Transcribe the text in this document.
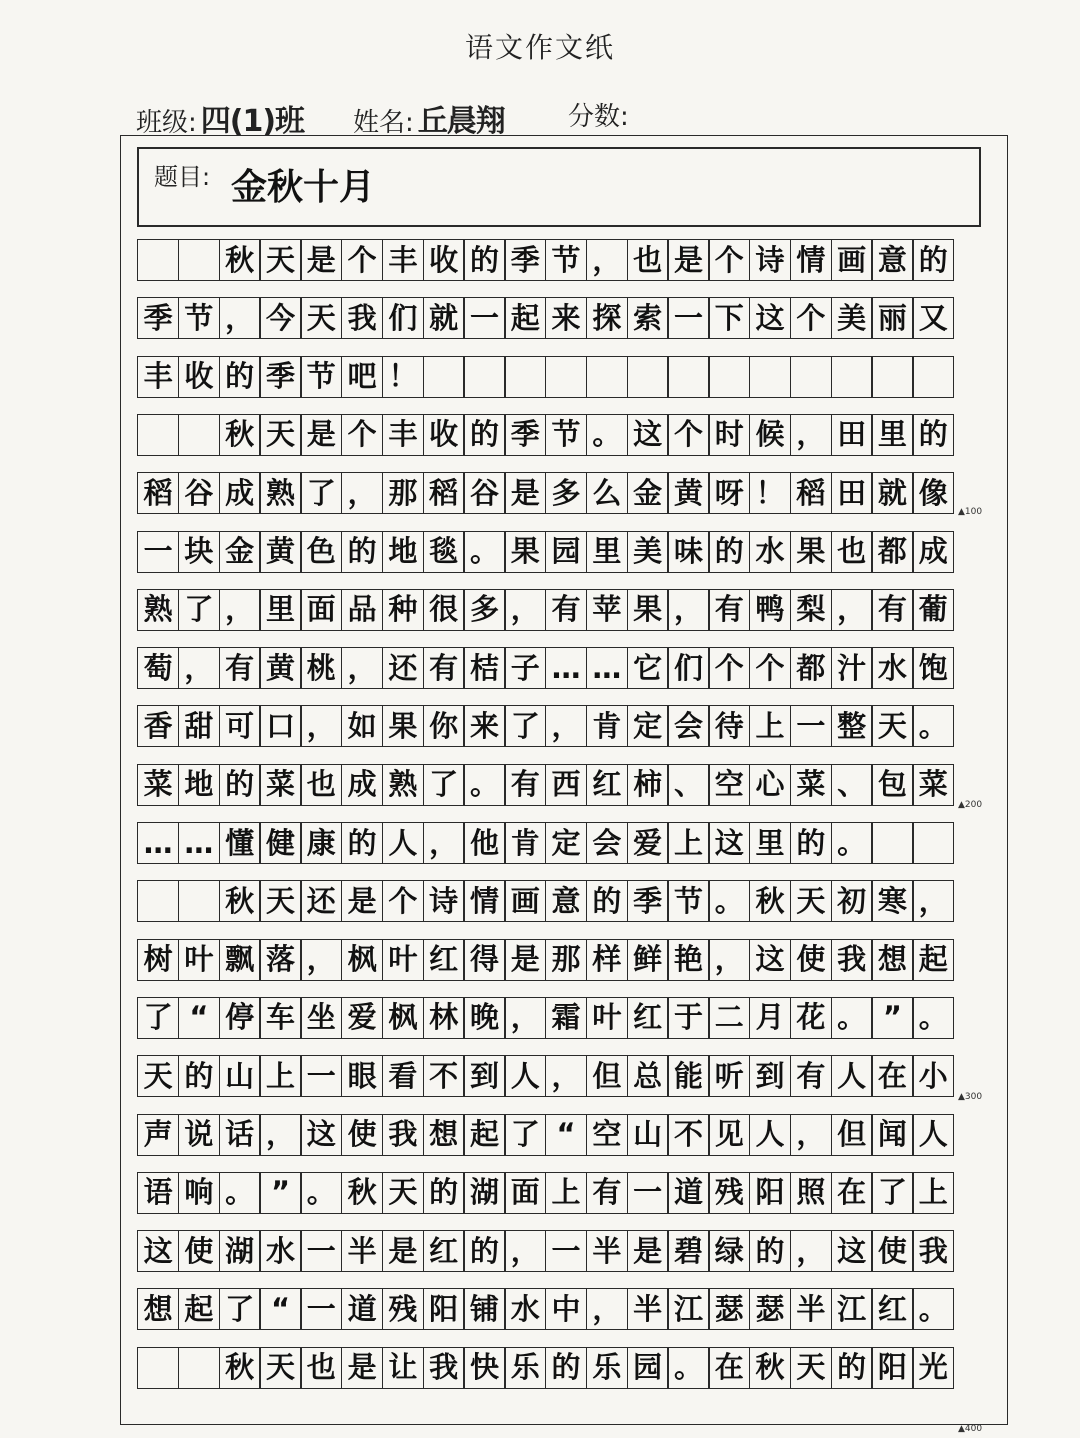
语文作文纸
班级: 四(1)班 姓名: 丘晨翔 分数:
题目: 金秋十月
秋 天 是 个 丰 收 的 季 节 ， 也 是 个 诗 情 画 意 的
季 节 ， 今 天 我 们 就 一 起 来 探 索 一 下 这 个 美 丽 又
丰 收 的 季 节 吧 ！
秋 天 是 个 丰 收 的 季 节 。 这 个 时 候 ， 田 里 的
稻 谷 成 熟 了 ， 那 稻 谷 是 多 么 金 黄 呀 ！ 稻 田 就 像
一 块 金 黄 色 的 地 毯 。 果 园 里 美 味 的 水 果 也 都 成
熟 了 ， 里 面 品 种 很 多 ， 有 苹 果 ， 有 鸭 梨 ， 有 葡
萄 ， 有 黄 桃 ， 还 有 桔 子 … … 它 们 个 个 都 汁 水 饱
香 甜 可 口 ， 如 果 你 来 了 ， 肯 定 会 待 上 一 整 天 。
菜 地 的 菜 也 成 熟 了 。 有 西 红 柿 、 空 心 菜 、 包 菜
… … 懂 健 康 的 人 ， 他 肯 定 会 爱 上 这 里 的 。
秋 天 还 是 个 诗 情 画 意 的 季 节 。 秋 天 初 寒 ，
树 叶 飘 落 ， 枫 叶 红 得 是 那 样 鲜 艳 ， 这 使 我 想 起
了 “ 停 车 坐 爱 枫 林 晚 ， 霜 叶 红 于 二 月 花 。 ” 。
天 的 山 上 一 眼 看 不 到 人 ， 但 总 能 听 到 有 人 在 小
声 说 话 ， 这 使 我 想 起 了 “ 空 山 不 见 人 ， 但 闻 人
语 响 。 ” 。 秋 天 的 湖 面 上 有 一 道 残 阳 照 在 了 上
这 使 湖 水 一 半 是 红 的 ， 一 半 是 碧 绿 的 ， 这 使 我
想 起 了 “ 一 道 残 阳 铺 水 中 ， 半 江 瑟 瑟 半 江 红 。
秋 天 也 是 让 我 快 乐 的 乐 园 。 在 秋 天 的 阳 光
▲100
▲200
▲300
▲400
